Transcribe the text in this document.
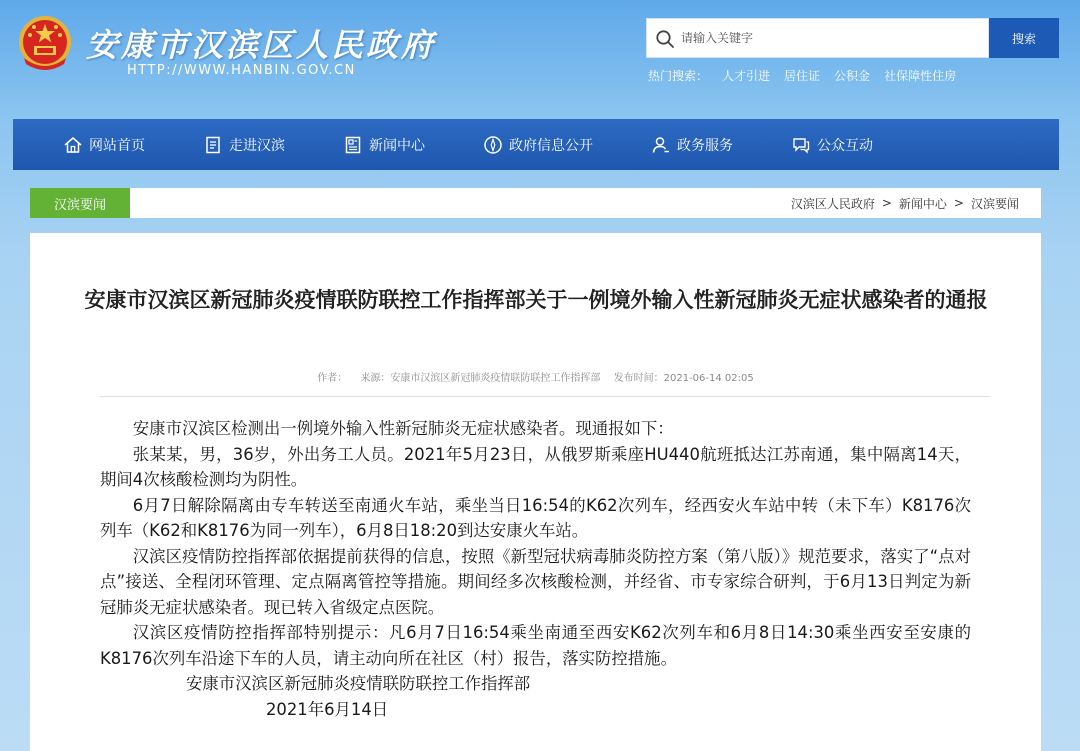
安康市汉滨区人民政府
HTTP://WWW.HANBIN.GOV.CN
请输入关键字
搜索
热门搜索： 人才引进 居住证 公积金 社保障性住房
网站首页	走进汉滨	新闻中心	政府信息公开	政务服务	公众互动
汉滨要闻	汉滨区人民政府 > 新闻中心 > 汉滨要闻
安康市汉滨区新冠肺炎疫情联防联控工作指挥部关于一例境外输入性新冠肺炎无症状感染者的通报
作者： 来源：安康市汉滨区新冠肺炎疫情联防联控工作指挥部 发布时间：2021-06-14 02:05

安康市汉滨区检测出一例境外输入性新冠肺炎无症状感染者。现通报如下：

张某某，男，36岁，外出务工人员。2021年5月23日，从俄罗斯乘座HU440航班抵达江苏南通，集中隔离14天，期间4次核酸检测均为阴性。

6月7日解除隔离由专车转送至南通火车站，乘坐当日16:54的K62次列车，经西安火车站中转（未下车）K8176次列车（K62和K8176为同一列车），6月8日18:20到达安康火车站。

汉滨区疫情防控指挥部依据提前获得的信息，按照《新型冠状病毒肺炎防控方案（第八版）》规范要求，落实了“点对点”接送、全程闭环管理、定点隔离管控等措施。期间经多次核酸检测，并经省、市专家综合研判，于6月13日判定为新冠肺炎无症状感染者。现已转入省级定点医院。

汉滨区疫情防控指挥部特别提示：凡6月7日16:54乘坐南通至西安K62次列车和6月8日14:30乘坐西安至安康的K8176次列车沿途下车的人员，请主动向所在社区（村）报告，落实防控措施。

安康市汉滨区新冠肺炎疫情联防联控工作指挥部

2021年6月14日
